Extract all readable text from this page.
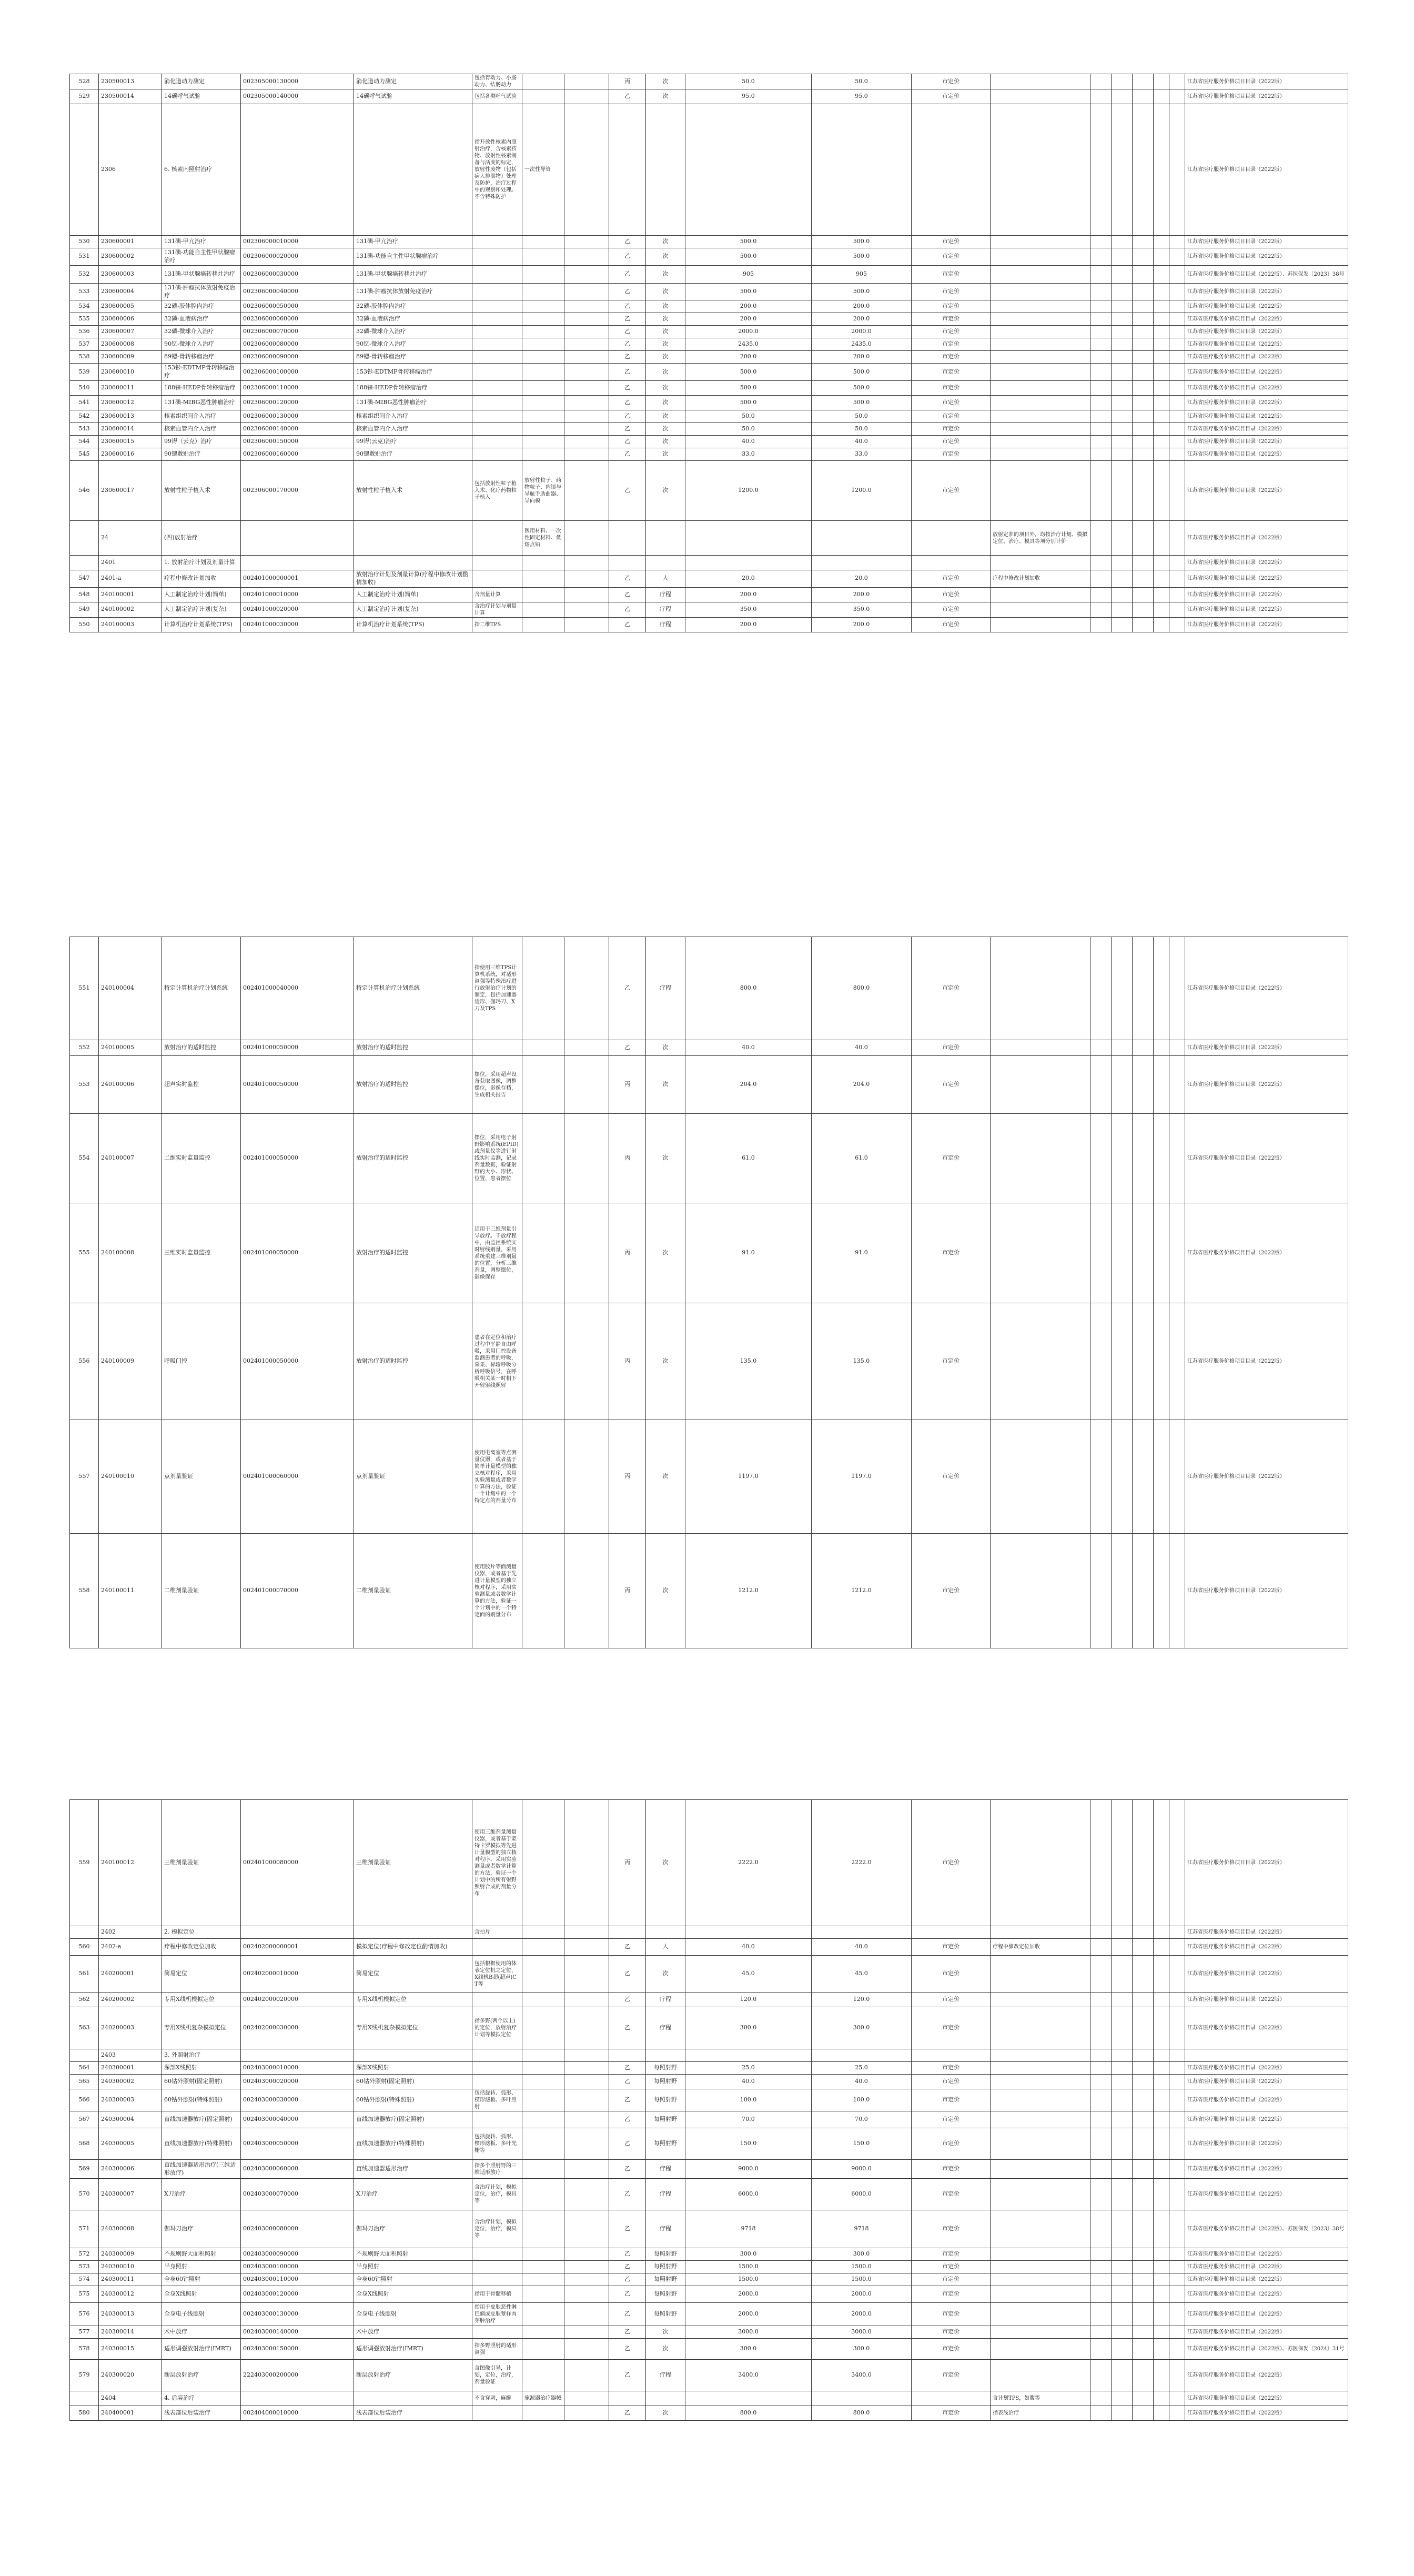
528	230500013	消化道动力测定	002305000130000	消化道动力测定	包括胃动力、小肠动力、结肠动力			丙	次	50.0	50.0	市定价							江苏省医疗服务价格项目目录（2022版）
529	230500014	14碳呼气试验	002305000140000	14碳呼气试验	包括各类呼气试验			乙	次	95.0	95.0	市定价							江苏省医疗服务价格项目目录（2022版）
	2306	6. 核素内照射治疗			指开放性核素内照射治疗，含核素药物、放射性核素制备与活度的标定，放射性废物（包括病人排泄物）处理及防护，治疗过程中的观察和处理。不含特殊防护	一次性导管													江苏省医疗服务价格项目目录（2022版）
530	230600001	131碘-甲亢治疗	002306000010000	131碘-甲亢治疗				乙	次	500.0	500.0	市定价							江苏省医疗服务价格项目目录（2022版）
531	230600002	131碘-功能自主性甲状腺瘤治疗	002306000020000	131碘-功能自主性甲状腺瘤治疗				乙	次	500.0	500.0	市定价							江苏省医疗服务价格项目目录（2022版）
532	230600003	131碘-甲状腺癌转移灶治疗	002306000030000	131碘-甲状腺癌转移灶治疗				乙	次	905	905	市定价							江苏省医疗服务价格项目目录（2022版）、苏医保发〔2023〕38号
533	230600004	131碘-肿瘤抗体放射免疫治疗	002306000040000	131碘-肿瘤抗体放射免疫治疗				乙	次	500.0	500.0	市定价							江苏省医疗服务价格项目目录（2022版）
534	230600005	32磷-胶体腔内治疗	002306000050000	32磷-胶体腔内治疗				乙	次	200.0	200.0	市定价							江苏省医疗服务价格项目目录（2022版）
535	230600006	32磷-血液病治疗	002306000060000	32磷-血液病治疗				乙	次	200.0	200.0	市定价							江苏省医疗服务价格项目目录（2022版）
536	230600007	32磷-微球介入治疗	002306000070000	32磷-微球介入治疗				乙	次	2000.0	2000.0	市定价							江苏省医疗服务价格项目目录（2022版）
537	230600008	90钇-微球介入治疗	002306000080000	90钇-微球介入治疗				乙	次	2435.0	2435.0	市定价							江苏省医疗服务价格项目目录（2022版）
538	230600009	89锶-骨转移瘤治疗	002306000090000	89锶-骨转移瘤治疗				乙	次	200.0	200.0	市定价							江苏省医疗服务价格项目目录（2022版）
539	230600010	153钐-EDTMP骨转移瘤治疗	002306000100000	153钐-EDTMP骨转移瘤治疗				乙	次	500.0	500.0	市定价							江苏省医疗服务价格项目目录（2022版）
540	230600011	188铼-HEDP骨转移瘤治疗	002306000110000	188铼-HEDP骨转移瘤治疗				乙	次	500.0	500.0	市定价							江苏省医疗服务价格项目目录（2022版）
541	230600012	131碘-MIBG恶性肿瘤治疗	002306000120000	131碘-MIBG恶性肿瘤治疗				乙	次	500.0	500.0	市定价							江苏省医疗服务价格项目目录（2022版）
542	230600013	核素组织间介入治疗	002306000130000	核素组织间介入治疗				乙	次	50.0	50.0	市定价							江苏省医疗服务价格项目目录（2022版）
543	230600014	核素血管内介入治疗	002306000140000	核素血管内介入治疗				乙	次	50.0	50.0	市定价							江苏省医疗服务价格项目目录（2022版）
544	230600015	99锝（云克）治疗	002306000150000	99锝(云克)治疗				乙	次	40.0	40.0	市定价							江苏省医疗服务价格项目目录（2022版）
545	230600016	90锶敷贴治疗	002306000160000	90锶敷贴治疗				乙	次	33.0	33.0	市定价							江苏省医疗服务价格项目目录（2022版）
546	230600017	放射性粒子植入术	002306000170000	放射性粒子植入术	包括放射性粒子植入术、化疗药物粒子植入	放射性粒子、药物粒子、内镜与导航手助曲器、导向模		乙	次	1200.0	1200.0	市定价							江苏省医疗服务价格项目目录（2022版）
	24	(四)放射治疗				医用材料、一次性固定材料、低熔点铅							放射定准的项目外，均按治疗计划、模拟定位、治疗、模具等项分别计价						江苏省医疗服务价格项目目录（2022版）
	2401	1. 放射治疗计划及剂量计算																	江苏省医疗服务价格项目目录（2022版）
547	2401-a	疗程中修改计划加收	002401000000001	放射治疗计划及剂量计算(疗程中修改计划酌情加收)				乙	人	20.0	20.0	市定价	疗程中修改计划加收						江苏省医疗服务价格项目目录（2022版）
548	240100001	人工制定治疗计划(简单)	002401000010000	人工制定治疗计划(简单)	含剂量计算			乙	疗程	200.0	200.0	市定价							江苏省医疗服务价格项目目录（2022版）
549	240100002	人工制定治疗计划(复杂)	002401000020000	人工制定治疗计划(复杂)	含治疗计划与剂量计算			乙	疗程	350.0	350.0	市定价							江苏省医疗服务价格项目目录（2022版）
550	240100003	计算机治疗计划系统(TPS)	002401000030000	计算机治疗计划系统(TPS)	指二维TPS			乙	疗程	200.0	200.0	市定价							江苏省医疗服务价格项目目录（2022版）
551	240100004	特定计算机治疗计划系统	002401000040000	特定计算机治疗计划系统	指使用三维TPS计算机系统，对适形调强等特殊治疗进行放射治疗计划的制定，包括加速器适形、伽玛刀、X刀及TPS			乙	疗程	800.0	800.0	市定价							江苏省医疗服务价格项目目录（2022版）
552	240100005	放射治疗的适时监控	002401000050000	放射治疗的适时监控				乙	次	40.0	40.0	市定价							江苏省医疗服务价格项目目录（2022版）
553	240100006	超声实时监控	002401000050000	放射治疗的适时监控	摆位，采用超声设备获取图像，调整摆位，影像存档，生成相关报告			丙	次	204.0	204.0	市定价							江苏省医疗服务价格项目目录（2022版）
554	240100007	二维实时监量监控	002401000050000	放射治疗的适时监控	摆位，采用电子射野影响系统(EPID)或剂量仪等进行射线实时监测，记录剂量数据，验证射野的大小、形状、位置，患者摆位			丙	次	61.0	61.0	市定价							江苏省医疗服务价格项目目录（2022版）
555	240100008	三维实时监量监控	002401000050000	放射治疗的适时监控	适用于三维剂量引导放疗。于放疗程中，由监控系统实时射线剂量，采用系统重建三维剂量的位置，分析三维剂量，调整摆位，影像保存			丙	次	91.0	91.0	市定价							江苏省医疗服务价格项目目录（2022版）
556	240100009	呼吸门控	002401000050000	放射治疗的适时监控	患者在定位和治疗过程中平静自由呼吸，采用门控设备监测患者的呼吸，采集、标输呼吸分析呼吸信号，在呼吸相关某一时相下开射射线照射			丙	次	135.0	135.0	市定价							江苏省医疗服务价格项目目录（2022版）
557	240100010	点剂量验证	002401000060000	点剂量验证	使用电离室等点测量仪器，或者基于简单计量模型的独立核对程序，采用实验测量或者数学计算的方法，验证一个计划中的一个特定点的剂量分布			丙	次	1197.0	1197.0	市定价							江苏省医疗服务价格项目目录（2022版）
558	240100011	二维剂量验证	002401000070000	二维剂量验证	使用胶片等面测量仪器，或者基于先进计量模型的独立核对程序，采用实验测量或者数学计算的方法，验证一个计划中的一个特定面的剂量分布			丙	次	1212.0	1212.0	市定价							江苏省医疗服务价格项目目录（2022版）
559	240100012	三维剂量验证	002401000080000	三维剂量验证	使用三维剂量测量仪器，或者基于蒙特卡罗模拟等先进计量模型的独立核对程序，采用实验测量或者数学计算的方法，验证一个计划中的所有射野照射合成的剂量分布			丙	次	2222.0	2222.0	市定价							江苏省医疗服务价格项目目录（2022版）
	2402	2. 模拟定位			含拍片														江苏省医疗服务价格项目目录（2022版）
560	2402-a	疗程中修改定位加收	002402000000001	模拟定位(疗程中修改定位酌情加收)				乙	人	40.0	40.0	市定价	疗程中修改定位加收						江苏省医疗服务价格项目目录（2022版）
561	240200001	简易定位	002402000010000	简易定位	包括根据使用的体表定位机之定位，X线机B超(超声)CT等			乙	次	45.0	45.0	市定价							江苏省医疗服务价格项目目录（2022版）
562	240200002	专用X线机模拟定位	002402000020000	专用X线机模拟定位				乙	疗程	120.0	120.0	市定价							江苏省医疗服务价格项目目录（2022版）
563	240200003	专用X线机复杂模拟定位	002402000030000	专用X线机复杂模拟定位	指多野(两个以上)的定位，放射治疗计划等模拟定位			乙	疗程	300.0	300.0	市定价							江苏省医疗服务价格项目目录（2022版）
	2403	3. 外照射治疗																	
564	240300001	深部X线照射	002403000010000	深部X线照射				乙	每照射野	25.0	25.0	市定价							江苏省医疗服务价格项目目录（2022版）
565	240300002	60钴外照射(固定照射)	002403000020000	60钴外照射(固定照射)				乙	每照射野	40.0	40.0	市定价							江苏省医疗服务价格项目目录（2022版）
566	240300003	60钴外照射(特殊照射)	002403000030000	60钴外照射(特殊照射)	包括旋转、弧形、楔形滤板、多叶照射			乙	每照射野	100.0	100.0	市定价							江苏省医疗服务价格项目目录（2022版）
567	240300004	直线加速器放疗(固定照射)	002403000040000	直线加速器放疗(固定照射)				乙	每照射野	70.0	70.0	市定价							江苏省医疗服务价格项目目录（2022版）
568	240300005	直线加速器放疗(特殊照射)	002403000050000	直线加速器放疗(特殊照射)	包括旋转、弧形、楔形滤板、多叶光栅等			乙	每照射野	150.0	150.0	市定价							江苏省医疗服务价格项目目录（2022版）
569	240300006	直线加速器适形治疗(三维适形放疗)	002403000060000	直线加速器适形治疗	指多个照射野的三维适形放疗			乙	疗程	9000.0	9000.0	市定价							江苏省医疗服务价格项目目录（2022版）
570	240300007	X刀治疗	002403000070000	X刀治疗	含治疗计划，模拟定位，治疗，模具等			乙	疗程	6000.0	6000.0	市定价							江苏省医疗服务价格项目目录（2022版）
571	240300008	伽玛刀治疗	002403000080000	伽玛刀治疗	含治疗计划，模拟定位，治疗，模具等			乙	疗程	9718	9718	市定价							江苏省医疗服务价格项目目录（2022版）、苏医保发〔2023〕38号
572	240300009	不规则野大面积照射	002403000090000	不规则野大面积照射				乙	每照射野	300.0	300.0	市定价							江苏省医疗服务价格项目目录（2022版）
573	240300010	半身照射	002403000100000	半身照射				乙	每照射野	1500.0	1500.0	市定价							江苏省医疗服务价格项目目录（2022版）
574	240300011	全身60钴照射	002403000110000	全身60钴照射				乙	每照射野	1500.0	1500.0	市定价							江苏省医疗服务价格项目目录（2022版）
575	240300012	全身X线照射	002403000120000	全身X线照射	指用于骨髓移植			乙	每照射野	2000.0	2000.0	市定价							江苏省医疗服务价格项目目录（2022版）
576	240300013	全身电子线照射	002403000130000	全身电子线照射	指用于皮肤恶性淋巴瘤或皮肤蕈样肉芽肿治疗			乙	每照射野	2000.0	2000.0	市定价							江苏省医疗服务价格项目目录（2022版）
577	240300014	术中放疗	002403000140000	术中放疗				乙	次	3000.0	3000.0	市定价							江苏省医疗服务价格项目目录（2022版）
578	240300015	适形调强放射治疗(IMRT)	002403000150000	适形调强放射治疗(IMRT)	指多野照射的适形调强			乙	次	300.0	300.0	市定价							江苏省医疗服务价格项目目录（2022版）、苏医保发〔2024〕31号
579	240300020	断层放射治疗	222403000200000	断层放射治疗	含图像引导，计划，定位，治疗，剂量验证			乙	疗程	3400.0	3400.0	市定价							江苏省医疗服务价格项目目录（2022版）
	2404	4. 后装治疗			不含穿刺，麻醉	施源器治疗器械							含计划TPS，如腹等						江苏省医疗服务价格项目目录（2022版）
580	240400001	浅表部位后装治疗	002404000010000	浅表部位后装治疗				乙	次	800.0	800.0	市定价	指表浅治疗						江苏省医疗服务价格项目目录（2022版）
